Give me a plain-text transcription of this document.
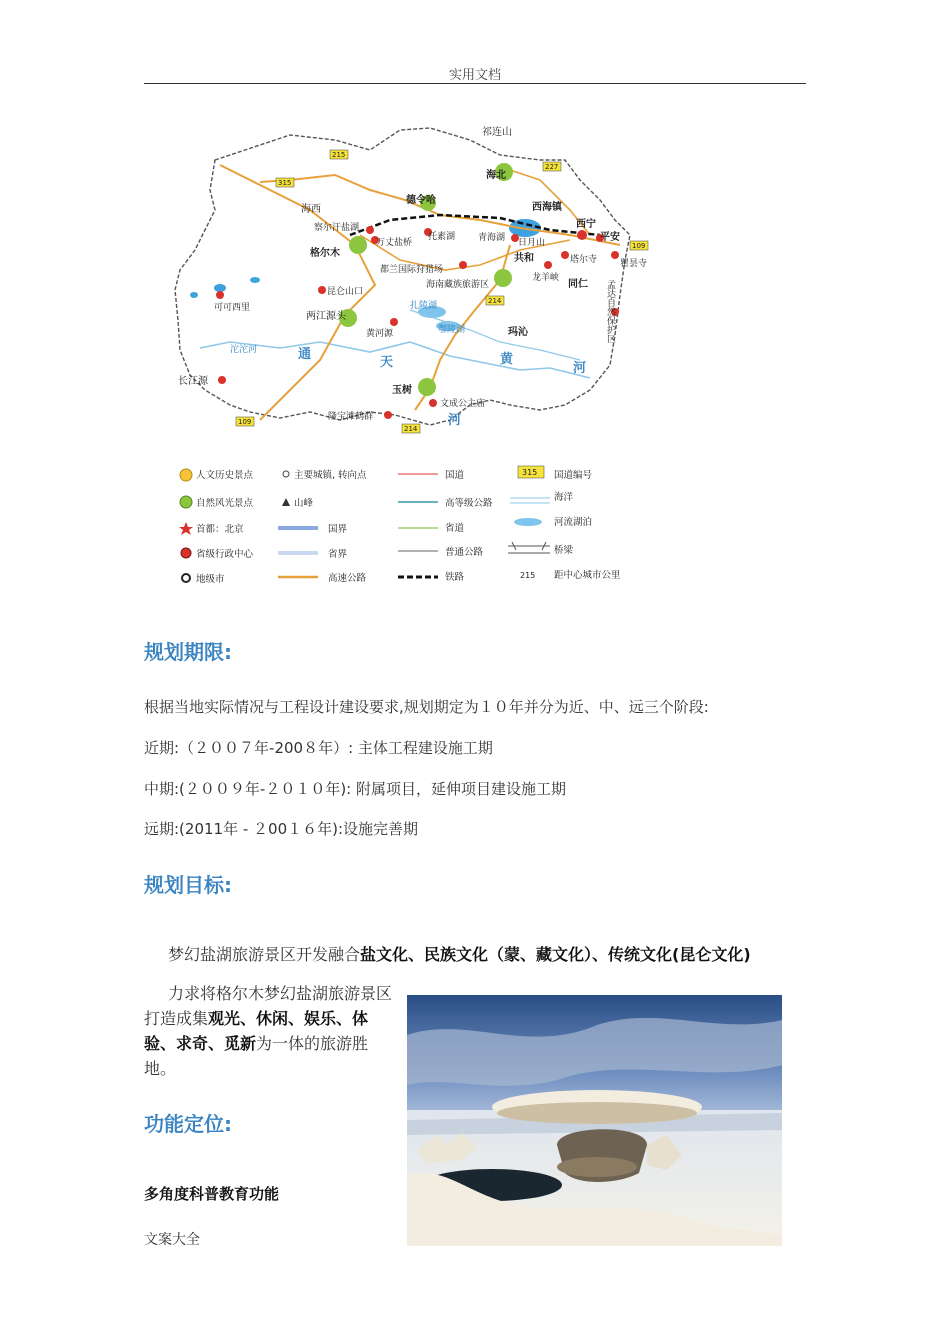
实用文档
祁连山
海北
德令哈
西海镇
海西
察尔汗盐湖
万丈盐桥
托素湖	青海湖 日月山
西宁
平安
格尔木
都兰国际狩猎场
海南藏族旅游区
共和	塔尔寺	瞿昙寺
龙羊峡
同仁
昆仑山口
可可西里
两江源头
扎陵湖
鄂陵湖
黄河源	玛沁
沱沱河
长江源
玉树
文成公主庙
隆宝滩鹤群
通
天
河
黄
河
孟达自然保护区
215
315
227
109
214
109
214
人文历史景点	主要城镇, 转向点	国道	315 国道编号
自然风光景点	山峰	高等级公路
海洋
首都：北京	国界	省道
河流湖泊
省级行政中心	省界	普通公路	桥梁
地级市	高速公路	铁路	215 距中心城市公里
规划期限:
根据当地实际情况与工程设计建设要求,规划期定为１０年并分为近、中、远三个阶段:
近期:（２００７年-200８年）: 主体工程建设施工期
中期:(２００９年-２０１０年): 附属项目，延伸项目建设施工期
远期:(2011年 - ２00１６年):设施完善期
规划目标:
梦幻盐湖旅游景区开发融合盐文化、民族文化（蒙、藏文化）、传统文化(昆仑文化)
力求将格尔木梦幻盐湖旅游景区打造成集观光、休闲、娱乐、体验、求奇、觅新为一体的旅游胜地。
功能定位:
多角度科普教育功能
文案大全
